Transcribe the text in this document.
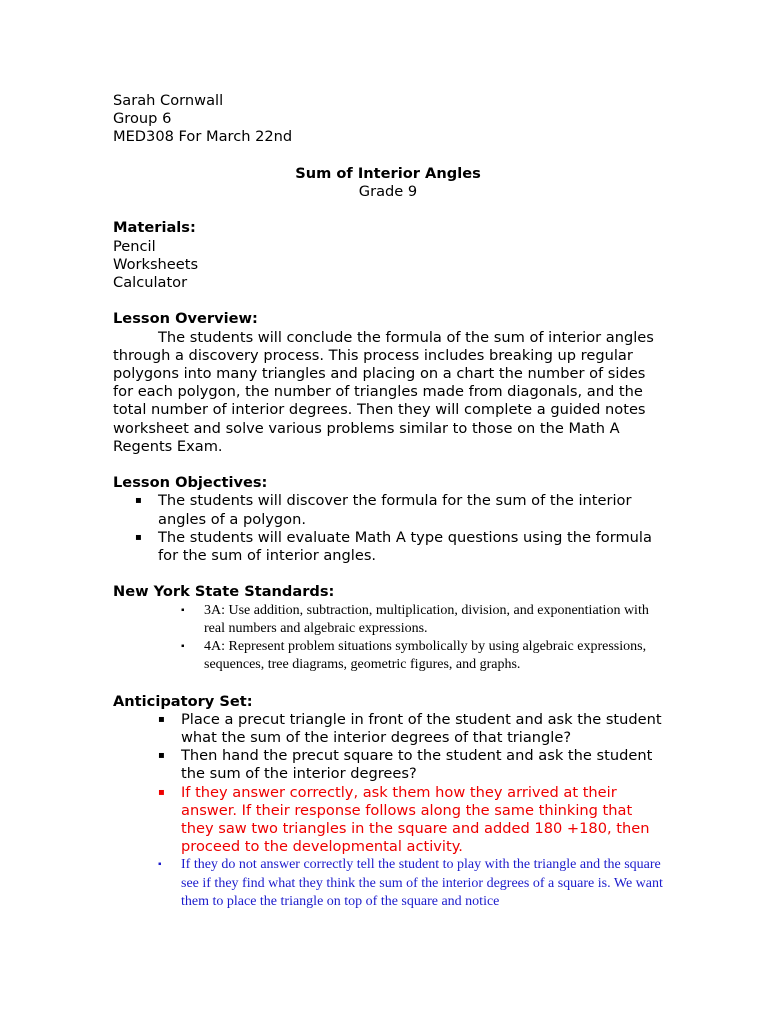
Sarah Cornwall

Group 6

MED308 For March 22nd

Sum of Interior Angles

Grade 9

Materials:

Pencil

Worksheets

Calculator

Lesson Overview:

The students will conclude the formula of the sum of interior angles through a discovery process. This process includes breaking up regular polygons into many triangles and placing on a chart the number of sides for each polygon, the number of triangles made from diagonals, and the total number of interior degrees. Then they will complete a guided notes worksheet and solve various problems similar to those on the Math A Regents Exam.

Lesson Objectives:

▪ The students will discover the formula for the sum of the interior angles of a polygon.
▪ The students will evaluate Math A type questions using the formula for the sum of interior angles.

New York State Standards:

▪ 3A: Use addition, subtraction, multiplication, division, and exponentiation with real numbers and algebraic expressions.
▪ 4A: Represent problem situations symbolically by using algebraic expressions, sequences, tree diagrams, geometric figures, and graphs.

Anticipatory Set:

▪ Place a precut triangle in front of the student and ask the student what the sum of the interior degrees of that triangle?
▪ Then hand the precut square to the student and ask the student the sum of the interior degrees?
▪ If they answer correctly, ask them how they arrived at their answer. If their response follows along the same thinking that they saw two triangles in the square and added 180 +180, then proceed to the developmental activity.
▪ If they do not answer correctly tell the student to play with the triangle and the square see if they find what they think the sum of the interior degrees of a square is. We want them to place the triangle on top of the square and notice
